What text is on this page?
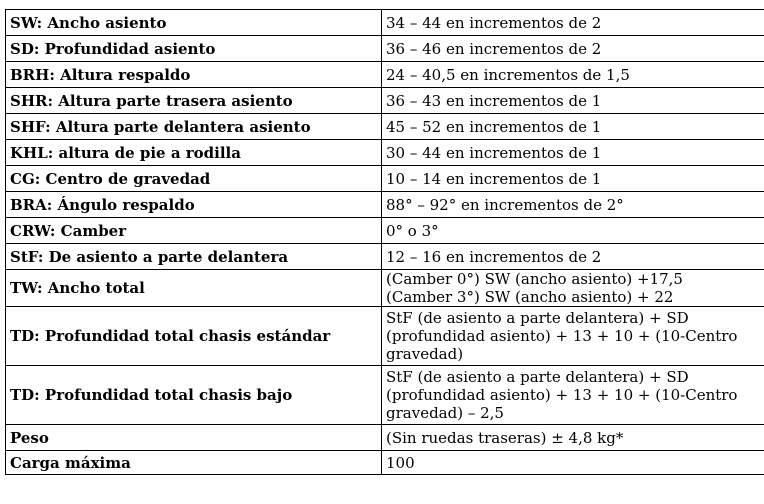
SW: Ancho asiento	34 – 44 en incrementos de 2

SD: Profundidad asiento	36 – 46 en incrementos de 2

BRH: Altura respaldo	24 – 40,5 en incrementos de 1,5

SHR: Altura parte trasera asiento	36 – 43 en incrementos de 1

SHF: Altura parte delantera asiento	45 – 52 en incrementos de 1

KHL: altura de pie a rodilla	30 – 44 en incrementos de 1

CG: Centro de gravedad	10 – 14 en incrementos de 1

BRA: Ángulo respaldo	88° – 92° en incrementos de 2°

CRW: Camber	0° o 3°

StF: De asiento a parte delantera	12 – 16 en incrementos de 2

TW: Ancho total	(Camber 0°) SW (ancho asiento) +17,5
(Camber 3°) SW (ancho asiento) + 22

TD: Profundidad total chasis estándar	StF (de asiento a parte delantera) + SD
(profundidad asiento) + 13 + 10 + (10-Centro
gravedad)

TD: Profundidad total chasis bajo	StF (de asiento a parte delantera) + SD
(profundidad asiento) + 13 + 10 + (10-Centro
gravedad) – 2,5

Peso	(Sin ruedas traseras) ± 4,8 kg*

Carga máxima	100
